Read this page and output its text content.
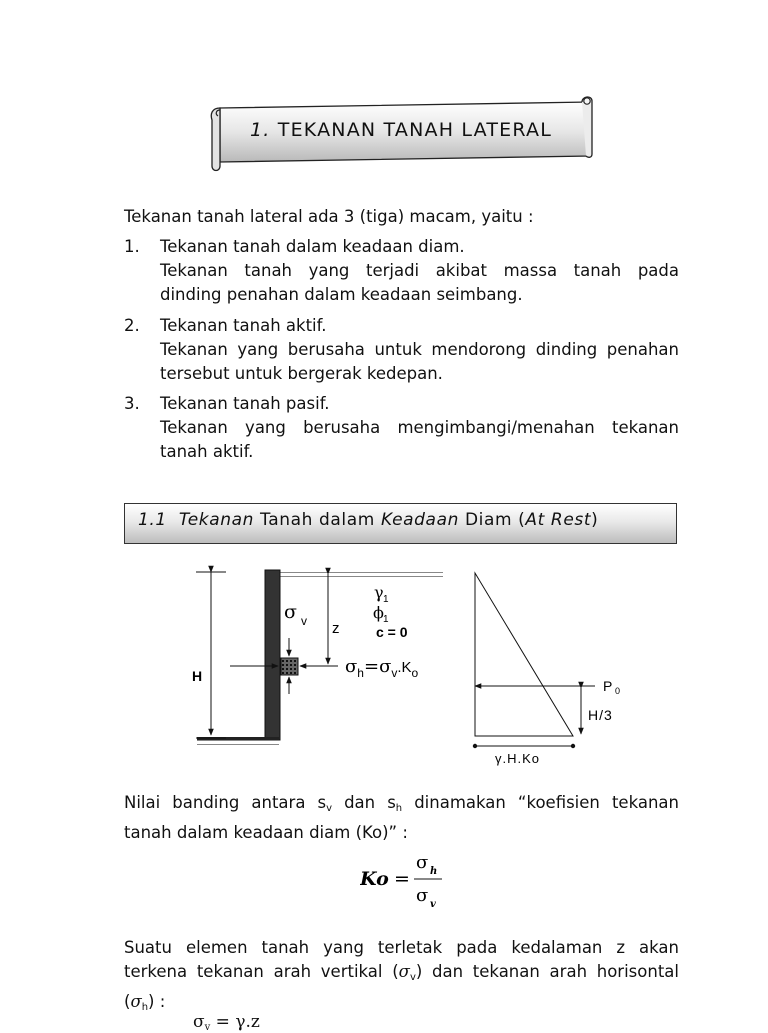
1. TEKANAN TANAH LATERAL
Tekanan tanah lateral ada 3 (tiga) macam, yaitu :
1. Tekanan tanah dalam keadaan diam.
Tekanan tanah yang terjadi akibat massa tanah pada
dinding penahan dalam keadaan seimbang.
2. Tekanan tanah aktif.
Tekanan yang berusaha untuk mendorong dinding penahan
tersebut untuk bergerak kedepan.
3. Tekanan tanah pasif.
Tekanan yang berusaha mengimbangi/menahan tekanan
tanah aktif.
1.1 Tekanan Tanah dalam Keadaan Diam (At Rest)
H
z
σ v
γ 1
ϕ 1
c = 0
$\sigma_h=\sigma_v^{.K}_o$
P 0
H/3
γ.H.Ko
Nilai banding antara $s_v$ dan $s_h$ dinamakan “koefisien tekanan
tanah dalam keadaan diam (Ko)” :
Ko =
σ h
σ v
Suatu elemen tanah yang terletak pada kedalaman z akan
terkena tekanan arah vertikal $(\sigma_v)$ dan tekanan arah horisontal
$(\sigma_h)$ :
$\sigma_v = \gamma.z$
